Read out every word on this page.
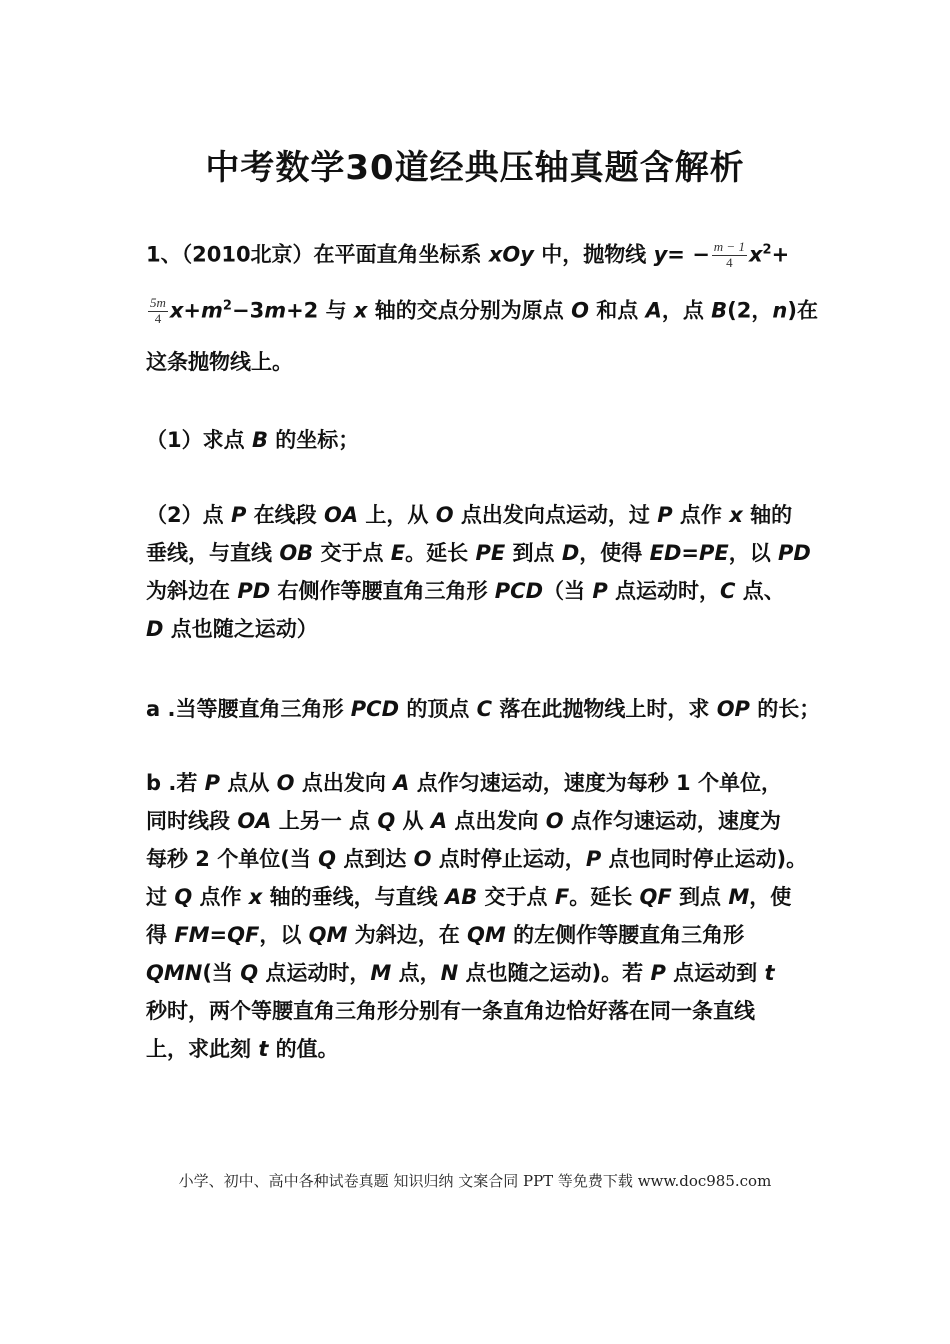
中考数学30道经典压轴真题含解析
1、（2010北京）在平面直角坐标系 xOy 中，抛物线 $y= - \frac{m - 1}{4} x^2+$
$\frac{5m}{4} x+m^2-3m+2$ 与 x 轴的交点分别为原点 O 和点 A，点 B(2，n)在
这条抛物线上。
（1）求点 B 的坐标；
（2）点 P 在线段 OA 上，从 O 点出发向点运动，过 P 点作 x 轴的
垂线，与直线 OB 交于点 E。延长 PE 到点 D，使得 ED=PE，以 PD
为斜边在 PD 右侧作等腰直角三角形 PCD（当 P 点运动时，C 点、
D 点也随之运动）
a .当等腰直角三角形 PCD 的顶点 C 落在此抛物线上时，求 OP 的长；
b .若 P 点从 O 点出发向 A 点作匀速运动，速度为每秒 1 个单位，
同时线段 OA 上另一 点 Q 从 A 点出发向 O 点作匀速运动，速度为
每秒 2 个单位(当 Q 点到达 O 点时停止运动，P 点也同时停止运动)。
过 Q 点作 x 轴的垂线，与直线 AB 交于点 F。延长 QF 到点 M，使
得 FM=QF，以 QM 为斜边，在 QM 的左侧作等腰直角三角形
QMN(当 Q 点运动时，M 点，N 点也随之运动)。若 P 点运动到 t
秒时，两个等腰直角三角形分别有一条直角边恰好落在同一条直线
上，求此刻 t 的值。
小学、初中、高中各种试卷真题 知识归纳 文案合同 PPT 等免费下载 www.doc985.com
